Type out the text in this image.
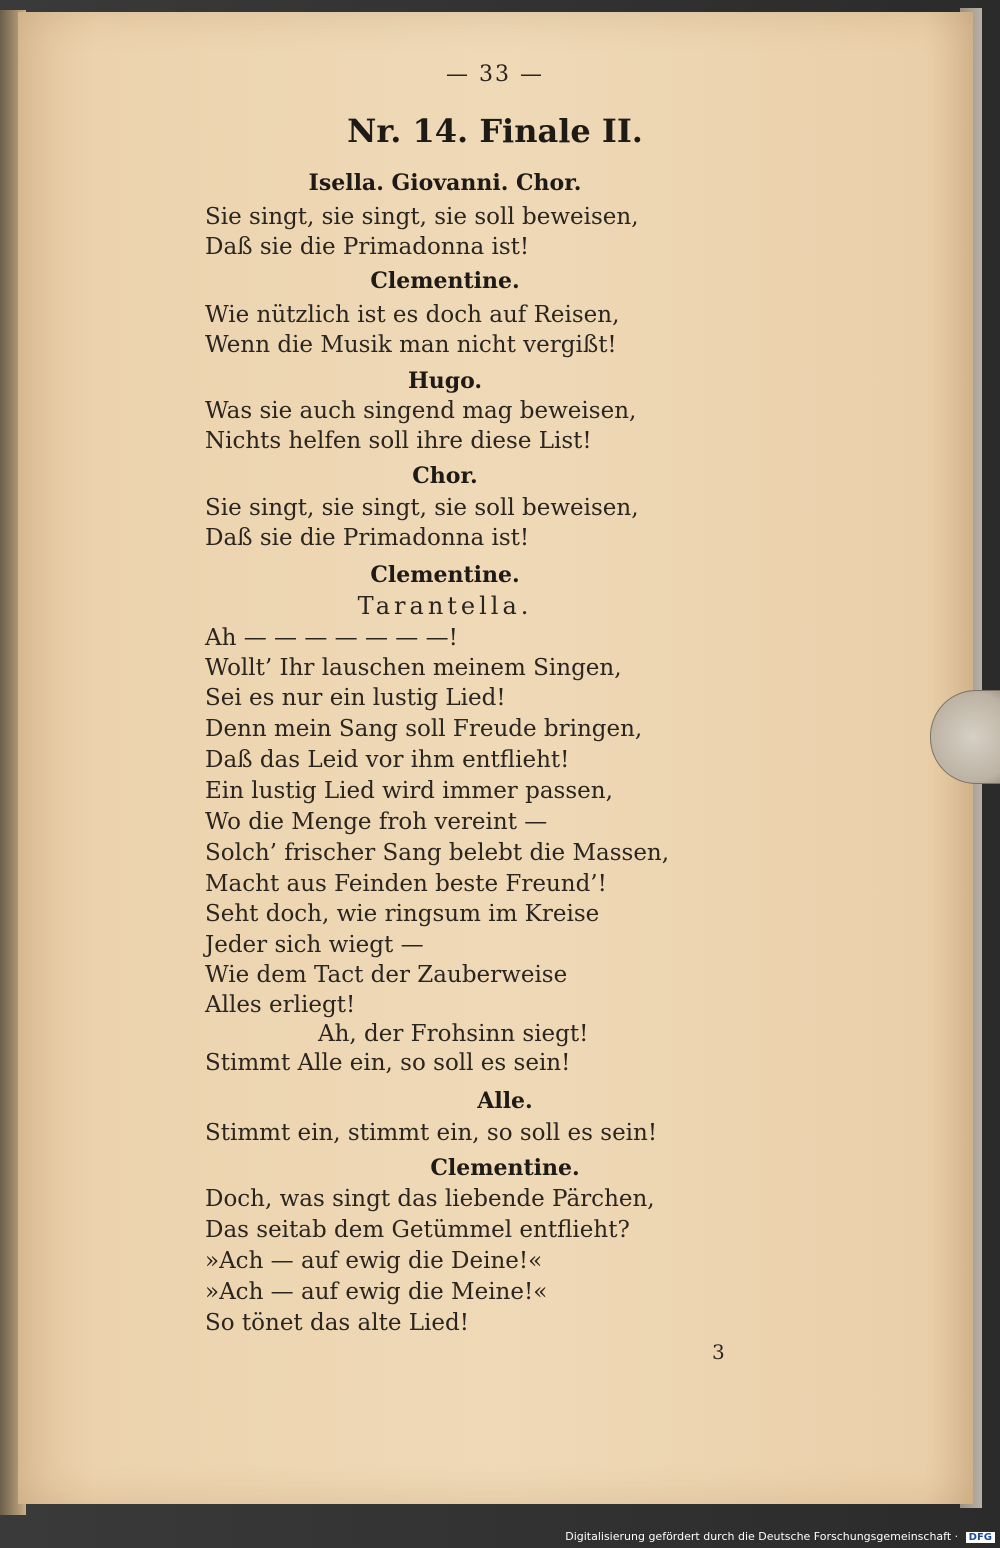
— 33 —
Nr. 14. Finale II.
Isella. Giovanni. Chor.
Sie singt, sie singt, sie soll beweisen,
Daß sie die Primadonna ist!
Clementine.
Wie nützlich ist es doch auf Reisen,
Wenn die Musik man nicht vergißt!
Hugo.
Was sie auch singend mag beweisen,
Nichts helfen soll ihre diese List!
Chor.
Sie singt, sie singt, sie soll beweisen,
Daß sie die Primadonna ist!
Clementine.
Tarantella.
Ah — — — — — — —!
Wollt’ Ihr lauschen meinem Singen,
Sei es nur ein lustig Lied!
Denn mein Sang soll Freude bringen,
Daß das Leid vor ihm entflieht!
Ein lustig Lied wird immer passen,
Wo die Menge froh vereint —
Solch’ frischer Sang belebt die Massen,
Macht aus Feinden beste Freund’!
Seht doch, wie ringsum im Kreise
Jeder sich wiegt —
Wie dem Tact der Zauberweise
Alles erliegt!
Ah, der Frohsinn siegt!
Stimmt Alle ein, so soll es sein!
Alle.
Stimmt ein, stimmt ein, so soll es sein!
Clementine.
Doch, was singt das liebende Pärchen,
Das seitab dem Getümmel entflieht?
»Ach — auf ewig die Deine!«
»Ach — auf ewig die Meine!«
So tönet das alte Lied!
3
Digitalisierung gefördert durch die Deutsche Forschungsgemeinschaft · DFG
